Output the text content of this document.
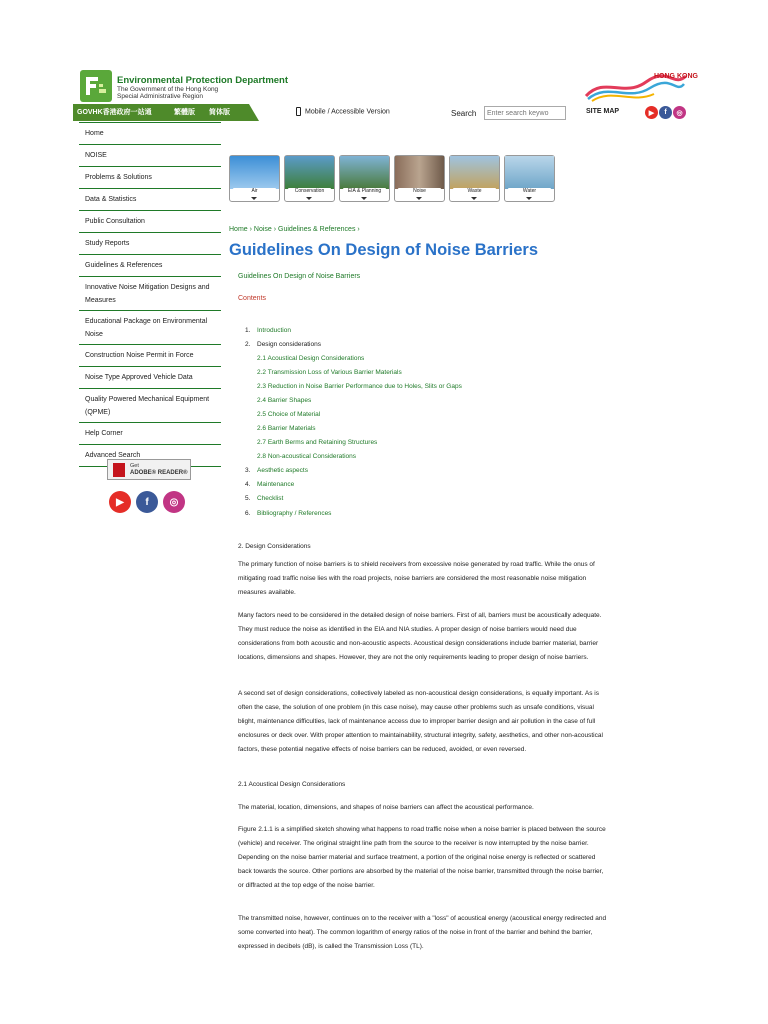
Environmental Protection Department
The Government of the Hong Kong
Special Administrative Region
HONG KONG
GOVHK香港政府一站通	繁體版 简体版	Mobile / Accessible Version	Search
Enter search keywo	SITE MAP	▶	f	◎
Home
NOISE
Problems & Solutions
Data & Statistics
Public Consultation
Study Reports
Guidelines & References
Innovative Noise Mitigation Designs and Measures
Educational Package on Environmental Noise
Construction Noise Permit in Force
Noise Type Approved Vehicle Data
Quality Powered Mechanical Equipment (QPME)
Help Corner
Advanced Search
Get
ADOBE® READER®
▶	f	◎
Air	Conservation	EIA & Planning	Noise	Waste	Water
Home › Noise › Guidelines & References ›
Guidelines On Design of Noise Barriers
Guidelines On Design of Noise Barriers
Contents
1. Introduction
2. Design considerations
2.1 Acoustical Design Considerations
2.2 Transmission Loss of Various Barrier Materials
2.3 Reduction in Noise Barrier Performance due to Holes, Slits or Gaps
2.4 Barrier Shapes
2.5 Choice of Material
2.6 Barrier Materials
2.7 Earth Berms and Retaining Structures
2.8 Non-acoustical Considerations
3. Aesthetic aspects
4. Maintenance
5. Checklist
6. Bibliography / References
2. Design Considerations
The primary function of noise barriers is to shield receivers from excessive noise generated by road traffic. While the onus of mitigating road traffic noise lies with the road projects, noise barriers are considered the most reasonable noise mitigation measures available.
Many factors need to be considered in the detailed design of noise barriers. First of all, barriers must be acoustically adequate. They must reduce the noise as identified in the EIA and NIA studies. A proper design of noise barriers would need due considerations from both acoustic and non-acoustic aspects. Acoustical design considerations include barrier material, barrier locations, dimensions and shapes. However, they are not the only requirements leading to proper design of noise barriers.
A second set of design considerations, collectively labeled as non-acoustical design considerations, is equally important. As is often the case, the solution of one problem (in this case noise), may cause other problems such as unsafe conditions, visual blight, maintenance difficulties, lack of maintenance access due to improper barrier design and air pollution in the case of full enclosures or deck over. With proper attention to maintainability, structural integrity, safety, aesthetics, and other non-acoustical factors, these potential negative effects of noise barriers can be reduced, avoided, or even reversed.
2.1 Acoustical Design Considerations
The material, location, dimensions, and shapes of noise barriers can affect the acoustical performance.
Figure 2.1.1 is a simplified sketch showing what happens to road traffic noise when a noise barrier is placed between the source (vehicle) and receiver. The original straight line path from the source to the receiver is now interrupted by the noise barrier. Depending on the noise barrier material and surface treatment, a portion of the original noise energy is reflected or scattered back towards the source. Other portions are absorbed by the material of the noise barrier, transmitted through the noise barrier, or diffracted at the top edge of the noise barrier.
The transmitted noise, however, continues on to the receiver with a "loss" of acoustical energy (acoustical energy redirected and some converted into heat). The common logarithm of energy ratios of the noise in front of the barrier and behind the barrier, expressed in decibels (dB), is called the Transmission Loss (TL).
